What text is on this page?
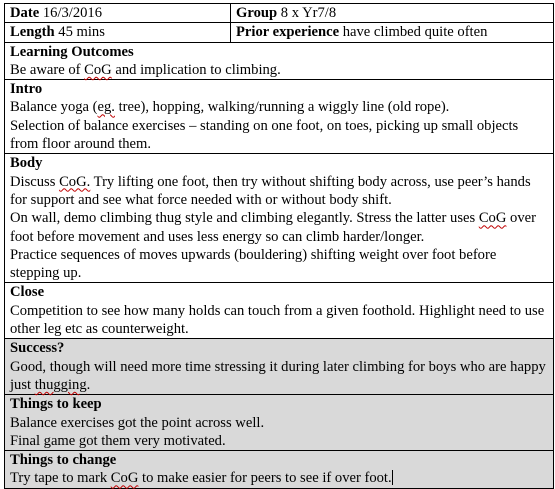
Date 16/3/2016	Group 8 x Yr7/8
Length 45 mins	Prior experience have climbed quite often

Learning Outcomes
Be aware of CoG and implication to climbing.	

Intro
Balance yoga (eg. tree), hopping, walking/running a wiggly line (old rope).
Selection of balance exercises – standing on one foot, on toes, picking up small objects from floor around them.	

Body
Discuss CoG. Try lifting one foot, then try without shifting body across, use peer’s hands for support and see what force needed with or without body shift.
On wall, demo climbing thug style and climbing elegantly. Stress the latter uses CoG over foot before movement and uses less energy so can climb harder/longer.
Practice sequences of moves upwards (bouldering) shifting weight over foot before stepping up.	

Close
Competition to see how many holds can touch from a given foothold. Highlight need to use other leg etc as counterweight.	

Success?
Good, though will need more time stressing it during later climbing for boys who are happy just thugging.	

Things to keep
Balance exercises got the point across well.
Final game got them very motivated.	

Things to change
Try tape to mark CoG to make easier for peers to see if over foot.	
